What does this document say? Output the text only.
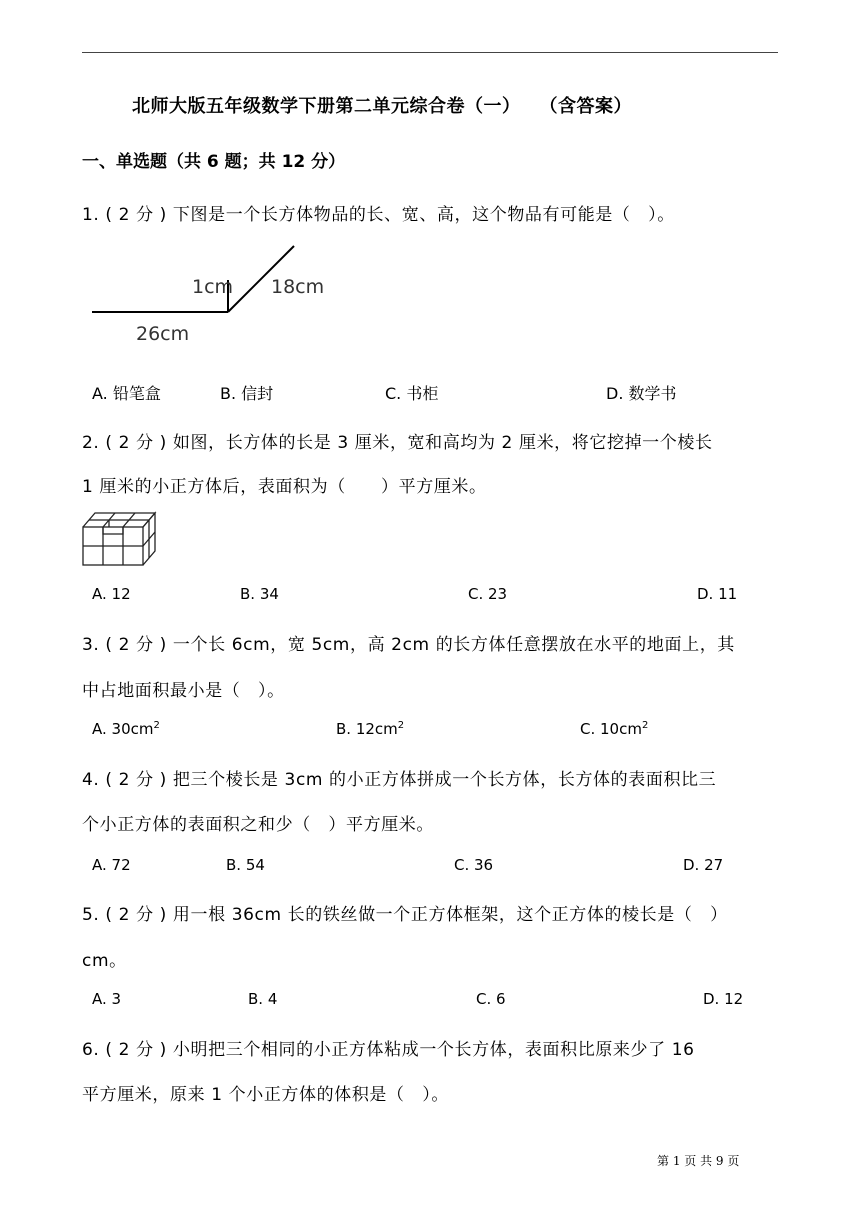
北师大版五年级数学下册第二单元综合卷（一）　　（含答案）
一、单选题（共 6 题；共 12 分）
1. ( 2 分 ) 下图是一个长方体物品的长、宽、高，这个物品有可能是（　）。
1cm 18cm
26cm
A. 铅笔盒	B. 信封	C. 书柜	D. 数学书
2. ( 2 分 ) 如图，长方体的长是 3 厘米，宽和高均为 2 厘米，将它挖掉一个棱长
1 厘米的小正方体后，表面积为（　　）平方厘米。
A. 12	B. 34	C. 23	D. 11
3. ( 2 分 ) 一个长 6cm，宽 5cm，高 2cm 的长方体任意摆放在水平的地面上，其
中占地面积最小是（　）。
A. $30cm^2$	B. $12cm^2$	C. $10cm^2$
4. ( 2 分 ) 把三个棱长是 3cm 的小正方体拼成一个长方体，长方体的表面积比三
个小正方体的表面积之和少（　）平方厘米。
A. 72	B. 54	C. 36	D. 27
5. ( 2 分 ) 用一根 36cm 长的铁丝做一个正方体框架，这个正方体的棱长是（　）
cm。
A. 3	B. 4	C. 6	D. 12
6. ( 2 分 ) 小明把三个相同的小正方体粘成一个长方体，表面积比原来少了 16
平方厘米，原来 1 个小正方体的体积是（　）。
第 1 页 共 9 页
